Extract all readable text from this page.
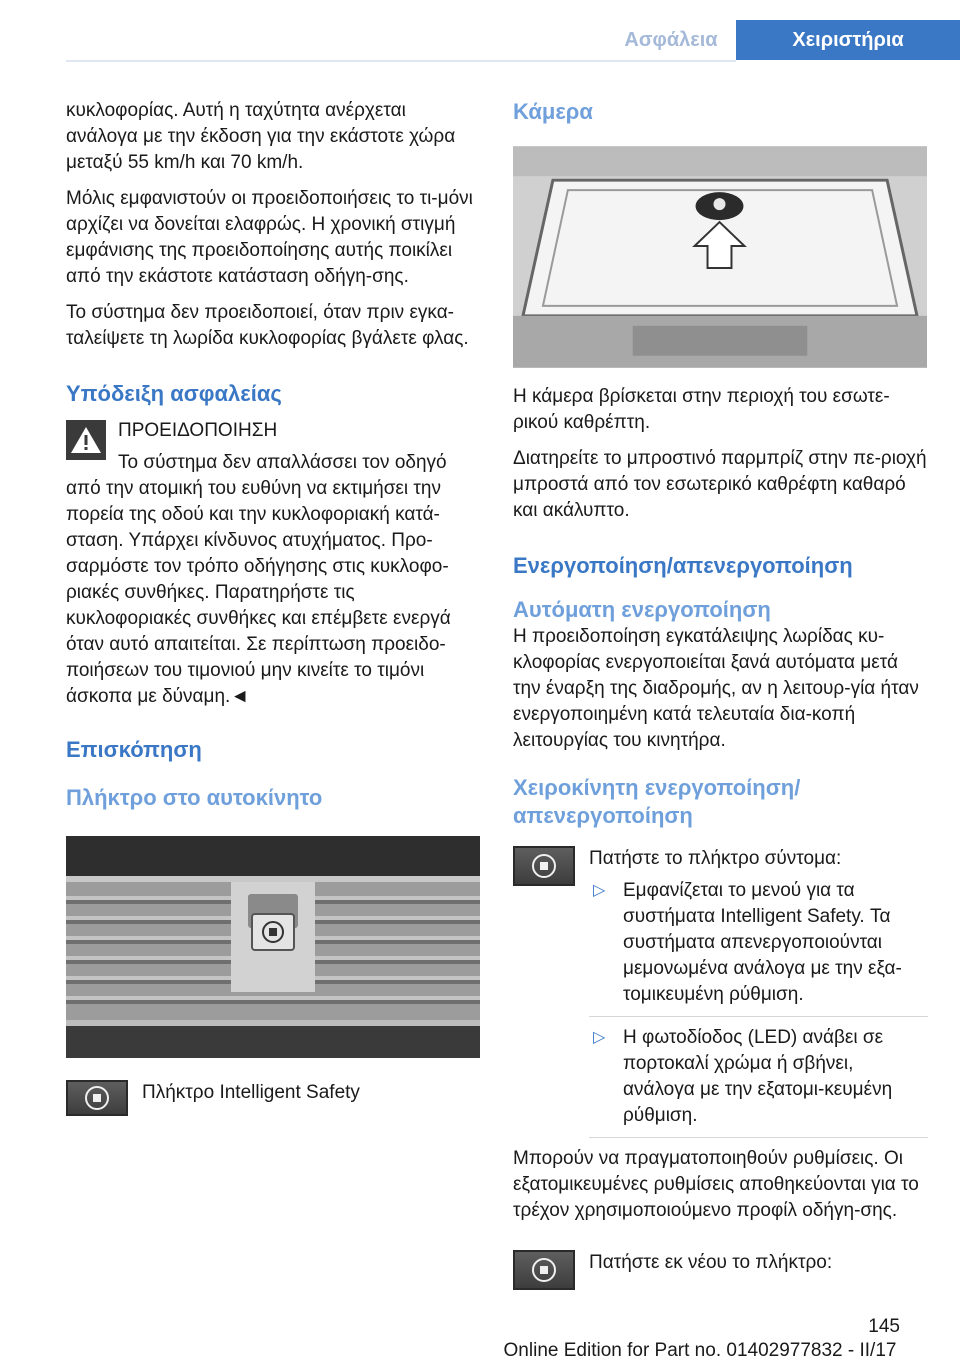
Ασφάλεια	Χειριστήρια

κυκλοφορίας. Αυτή η ταχύτητα ανέρχεται ανάλογα με την έκδοση για την εκάστοτε χώρα μεταξύ 55 km/h και 70 km/h.

Μόλις εμφανιστούν οι προειδοποιήσεις το τι-μόνι αρχίζει να δονείται ελαφρώς. Η χρονική στιγμή εμφάνισης της προειδοποίησης αυτής ποικίλει από την εκάστοτε κατάσταση οδήγη-σης.

Το σύστημα δεν προειδοποιεί, όταν πριν εγκα-ταλείψετε τη λωρίδα κυκλοφορίας βγάλετε φλας.

Υπόδειξη ασφαλείας
ΠΡΟΕΙΔΟΠΟΙΗΣΗ
Το σύστημα δεν απαλλάσσει τον οδηγό

από την ατομική του ευθύνη να εκτιμήσει την πορεία της οδού και την κυκλοφοριακή κατά-σταση. Υπάρχει κίνδυνος ατυχήματος. Προ-σαρμόστε τον τρόπο οδήγησης στις κυκλοφο-ριακές συνθήκες. Παρατηρήστε τις κυκλοφοριακές συνθήκες και επέμβετε ενεργά όταν αυτό απαιτείται. Σε περίπτωση προειδο-ποιήσεων του τιμονιού μην κινείτε το τιμόνι άσκοπα με δύναμη.◄

Επισκόπηση
Πλήκτρο στο αυτοκίνητο
Πλήκτρο Intelligent Safety
Κάμερα

Η κάμερα βρίσκεται στην περιοχή του εσωτε-ρικού καθρέπτη.

Διατηρείτε το μπροστινό παρμπρίζ στην πε-ριοχή μπροστά από τον εσωτερικό καθρέφτη καθαρό και ακάλυπτο.

Ενεργοποίηση/απενεργοποίηση
Αυτόματη ενεργοποίηση

Η προειδοποίηση εγκατάλειψης λωρίδας κυ-κλοφορίας ενεργοποιείται ξανά αυτόματα μετά την έναρξη της διαδρομής, αν η λειτουρ-γία ήταν ενεργοποιημένη κατά τελευταία δια-κοπή λειτουργίας του κινητήρα.

Χειροκίνητη ενεργοποίηση/ απενεργοποίηση
Πατήστε το πλήκτρο σύντομα:
▷ Εμφανίζεται το μενού για τα συστήματα Intelligent Safety. Τα συστήματα απενεργοποιούνται μεμονωμένα ανάλογα με την εξα-τομικευμένη ρύθμιση.
▷ Η φωτοδίοδος (LED) ανάβει σε πορτοκαλί χρώμα ή σβήνει, ανάλογα με την εξατομι-κευμένη ρύθμιση.

Μπορούν να πραγματοποιηθούν ρυθμίσεις. Οι εξατομικευμένες ρυθμίσεις αποθηκεύονται για το τρέχον χρησιμοποιούμενο προφίλ οδήγη-σης.

Πατήστε εκ νέου το πλήκτρο:
145
Online Edition for Part no. 01402977832 - II/17
